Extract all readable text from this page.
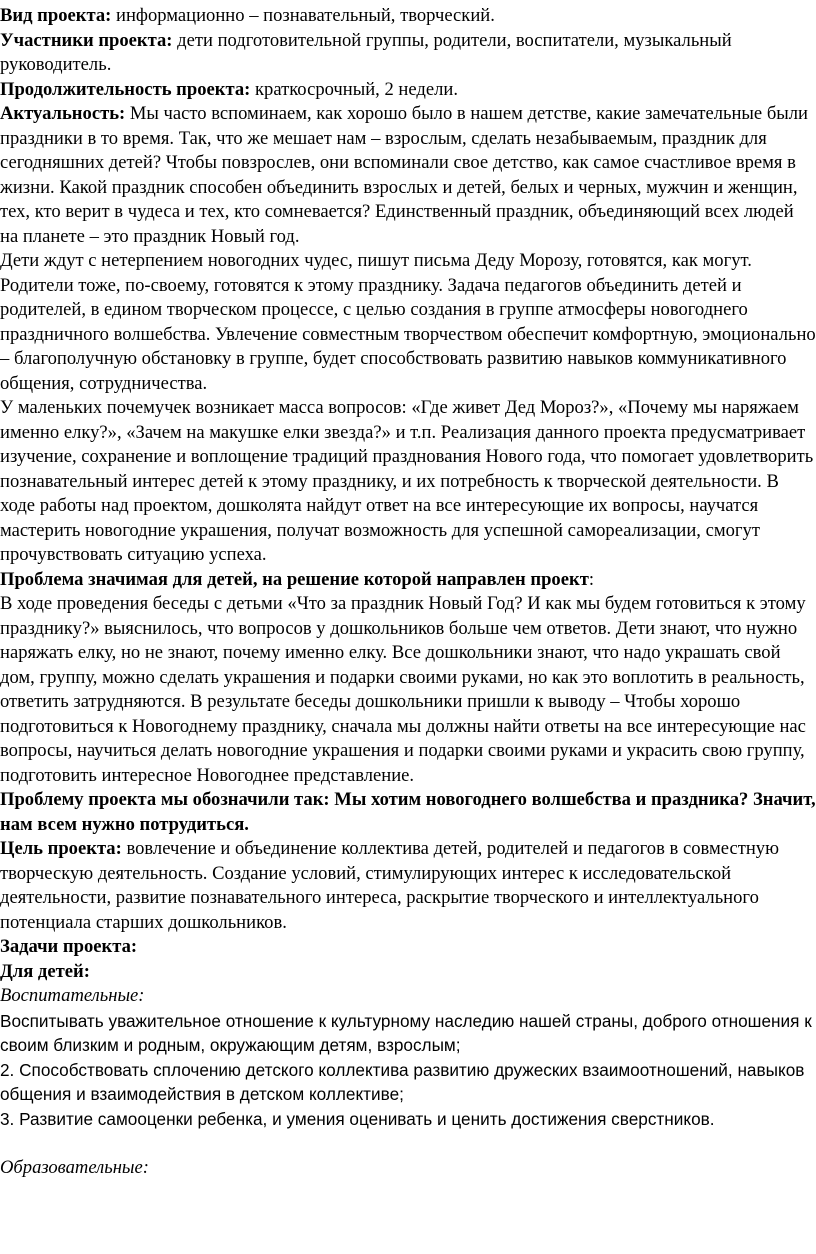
Вид проекта: информационно – познавательный, творческий.

Участники проекта: дети подготовительной группы, родители, воспитатели, музыкальный руководитель.

Продолжительность проекта: краткосрочный, 2 недели.

Актуальность: Мы часто вспоминаем, как хорошо было в нашем детстве, какие замечательные были праздники в то время. Так, что же мешает нам – взрослым, сделать незабываемым, праздник для сегодняшних детей? Чтобы повзрослев, они вспоминали свое детство, как самое счастливое время в жизни. Какой праздник способен объединить взрослых и детей, белых и черных, мужчин и женщин, тех, кто верит в чудеса и тех, кто сомневается? Единственный праздник, объединяющий всех людей на планете – это праздник Новый год.

Дети ждут с нетерпением новогодних чудес, пишут письма Деду Морозу, готовятся, как могут. Родители тоже, по-своему, готовятся к этому празднику. Задача педагогов объединить детей и родителей, в едином творческом процессе, с целью создания в группе атмосферы новогоднего праздничного волшебства. Увлечение совместным творчеством обеспечит комфортную, эмоционально – благополучную обстановку в группе, будет способствовать развитию навыков коммуникативного общения, сотрудничества.

У маленьких почемучек возникает масса вопросов: «Где живет Дед Мороз?», «Почему мы наряжаем именно елку?», «Зачем на макушке елки звезда?» и т.п. Реализация данного проекта предусматривает изучение, сохранение и воплощение традиций празднования Нового года, что помогает удовлетворить познавательный интерес детей к этому празднику, и их потребность к творческой деятельности. В ходе работы над проектом, дошколята найдут ответ на все интересующие их вопросы, научатся мастерить новогодние украшения, получат возможность для успешной самореализации, смогут прочувствовать ситуацию успеха.

Проблема значимая для детей, на решение которой направлен проект:

В ходе проведения беседы с детьми «Что за праздник Новый Год? И как мы будем готовиться к этому празднику?» выяснилось, что вопросов у дошкольников больше чем ответов. Дети знают, что нужно наряжать елку, но не знают, почему именно елку. Все дошкольники знают, что надо украшать свой дом, группу, можно сделать украшения и подарки своими руками, но как это воплотить в реальность, ответить затрудняются. В результате беседы дошкольники пришли к выводу – Чтобы хорошо подготовиться к Новогоднему празднику, сначала мы должны найти ответы на все интересующие нас вопросы, научиться делать новогодние украшения и подарки своими руками и украсить свою группу, подготовить интересное Новогоднее представление.

Проблему проекта мы обозначили так: Мы хотим новогоднего волшебства и праздника? Значит, нам всем нужно потрудиться.

Цель проекта: вовлечение и объединение коллектива детей, родителей и педагогов в совместную творческую деятельность. Создание условий, стимулирующих интерес к исследовательской деятельности, развитие познавательного интереса, раскрытие творческого и интеллектуального потенциала старших дошкольников.

Задачи проекта:

Для детей:

Воспитательные:

Воспитывать уважительное отношение к культурному наследию нашей страны, доброго отношения к своим близким и родным, окружающим детям, взрослым;

2. Способствовать сплочению детского коллектива развитию дружеских взаимоотношений, навыков общения и взаимодействия в детском коллективе;

3. Развитие самооценки ребенка, и умения оценивать и ценить достижения сверстников.

Образовательные:
